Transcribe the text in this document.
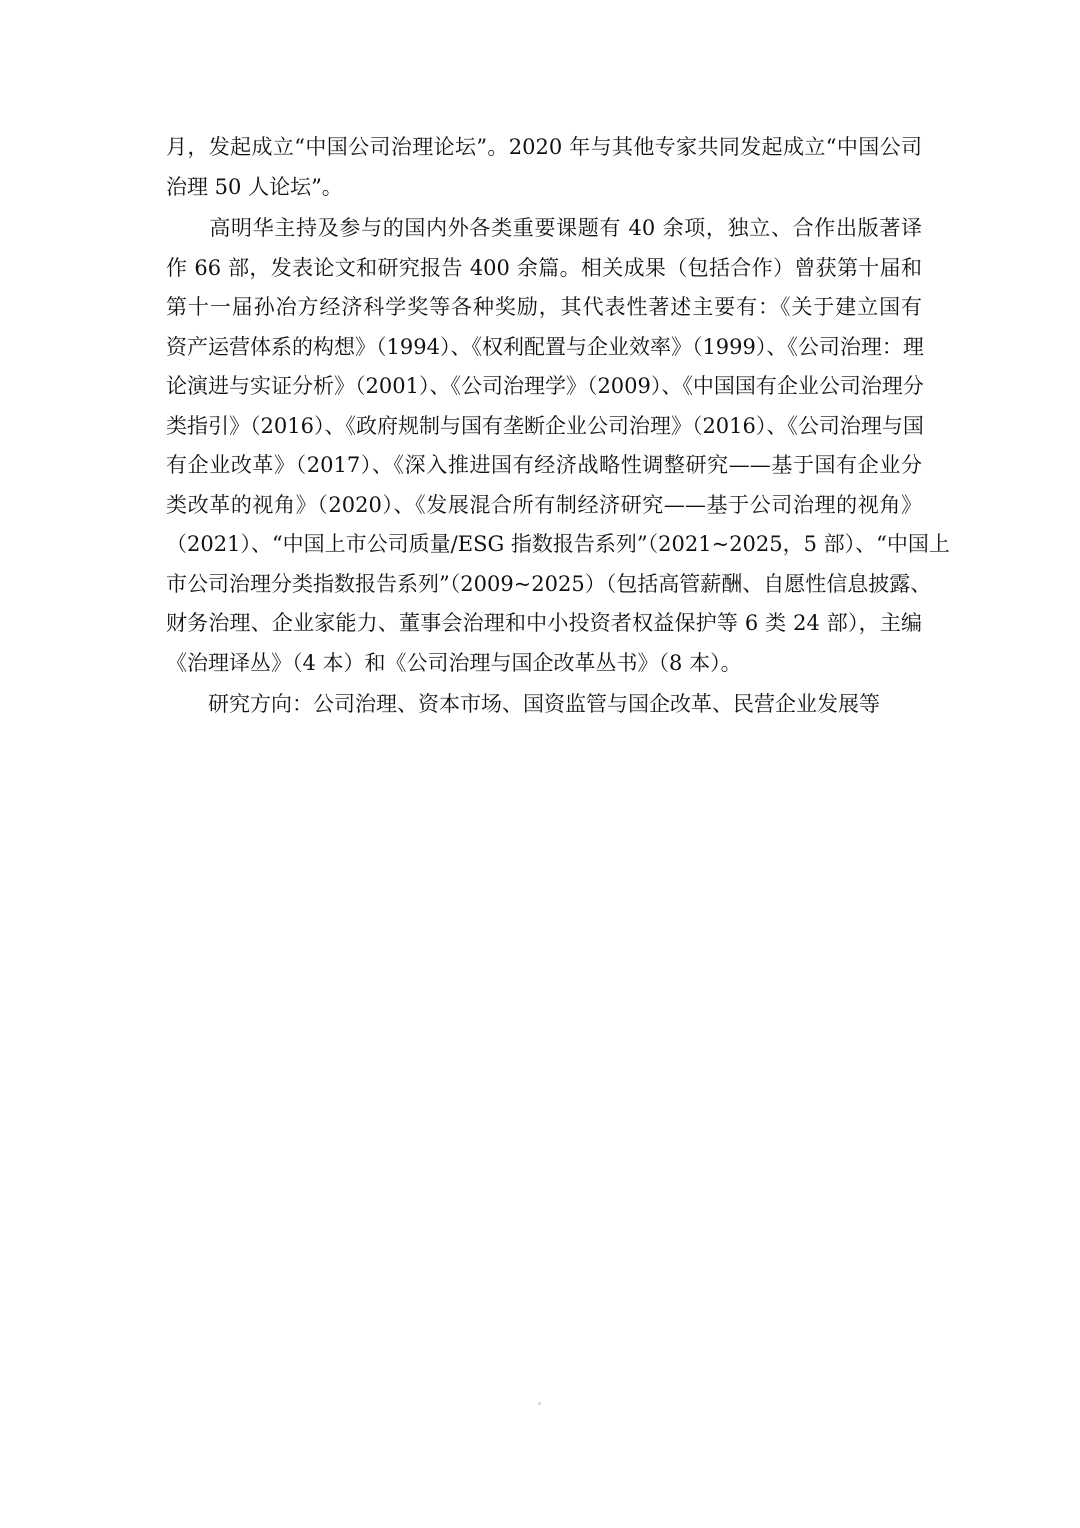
月，发起成立“中国公司治理论坛”。2020 年与其他专家共同发起成立“中国公司
治理 50 人论坛”。
　　高明华主持及参与的国内外各类重要课题有 40 余项，独立、合作出版著译
作 66 部，发表论文和研究报告 400 余篇。相关成果（包括合作）曾获第十届和
第十一届孙冶方经济科学奖等各种奖励，其代表性著述主要有：《关于建立国有
资产运营体系的构想》（1994）、《权利配置与企业效率》（1999）、《公司治理：理
论演进与实证分析》（2001）、《公司治理学》（2009）、《中国国有企业公司治理分
类指引》（2016）、《政府规制与国有垄断企业公司治理》（2016）、《公司治理与国
有企业改革》（2017）、《深入推进国有经济战略性调整研究——基于国有企业分
类改革的视角》（2020）、《发展混合所有制经济研究——基于公司治理的视角》
（2021）、“中国上市公司质量/ESG 指数报告系列”（2021~2025，5 部）、“中国上
市公司治理分类指数报告系列”（2009~2025）（包括高管薪酬、自愿性信息披露、
财务治理、企业家能力、董事会治理和中小投资者权益保护等 6 类 24 部），主编
《治理译丛》（4 本）和《公司治理与国企改革丛书》（8 本）。
　　研究方向：公司治理、资本市场、国资监管与国企改革、民营企业发展等
